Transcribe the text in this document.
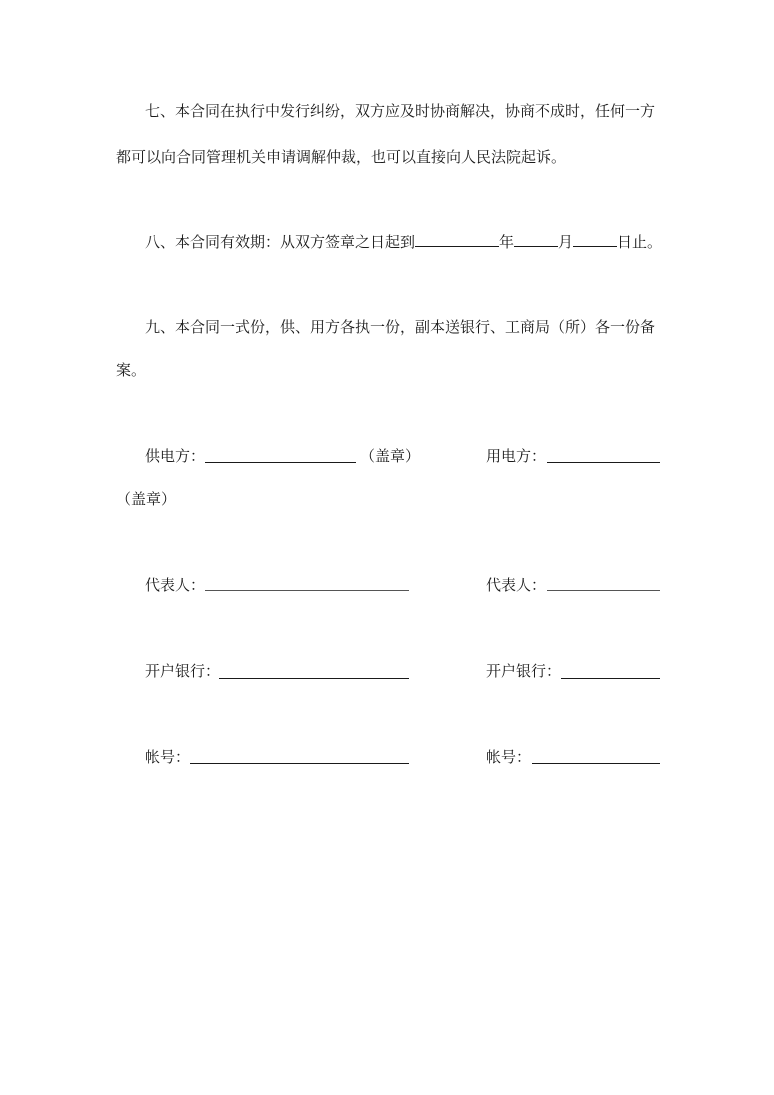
七、本合同在执行中发行纠纷，双方应及时协商解决，协商不成时，任何一方
都可以向合同管理机关申请调解仲裁，也可以直接向人民法院起诉。
八、本合同有效期：从双方签章之日起到	年	月	日止。
九、本合同一式份，供、用方各执一份，副本送银行、工商局（所）各一份备
案。
供电方：	（盖章）	用电方：
（盖章）
代表人：	代表人：
开户银行：	开户银行：
帐号：	帐号：
